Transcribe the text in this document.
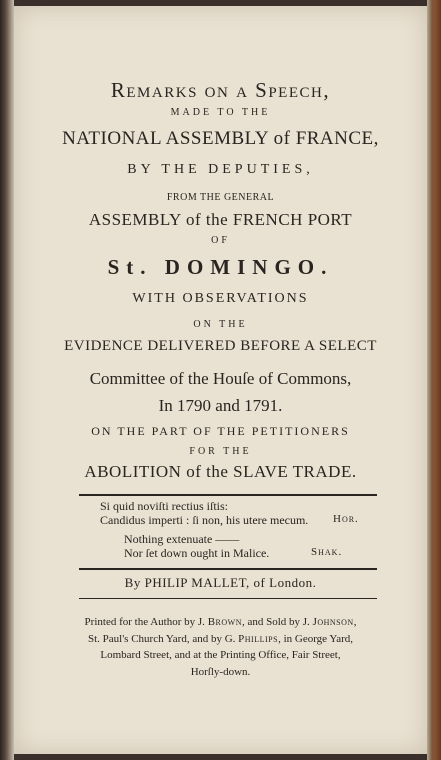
Remarks on a Speech,
MADE TO THE
NATIONAL ASSEMBLY of FRANCE,
BY THE DEPUTIES,
FROM THE GENERAL
ASSEMBLY of the FRENCH PORT
OF
St. DOMINGO.
WITH OBSERVATIONS
ON THE
EVIDENCE DELIVERED BEFORE A SELECT
Committee of the Houſe of Commons,
In 1790 and 1791.
ON THE PART OF THE PETITIONERS
FOR THE
ABOLITION of the SLAVE TRADE.
Si quid noviſti rectius iſtis:
Candidus imperti : ſi non, his utere mecum. Hor.
Nothing extenuate ——
Nor ſet down ought in Malice.	Shak.
By PHILIP MALLET, of London.
Printed for the Author by J. Brown, and Sold by J. Johnson, St. Paul's Church Yard, and by G. Phillips, in George Yard, Lombard Street, and at the Printing Office, Fair Street, Horſly-down.
